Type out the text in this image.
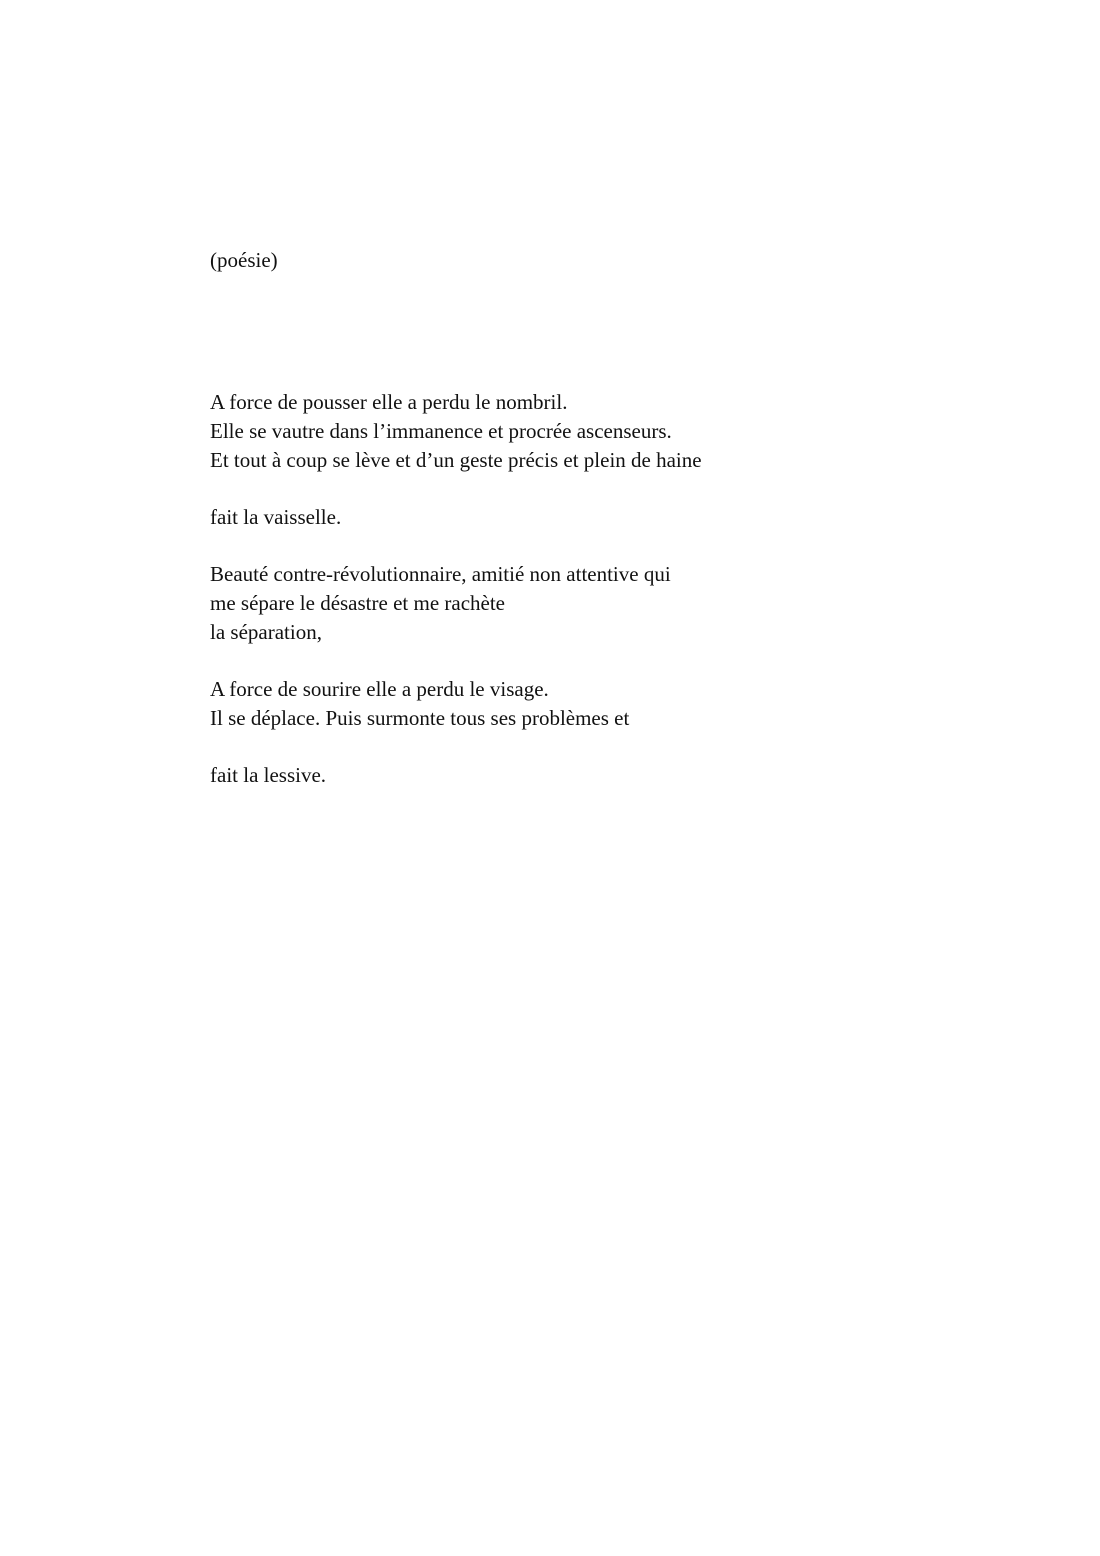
(poésie)
A force de pousser elle a perdu le nombril.
Elle se vautre dans l’immanence et procrée ascenseurs.
Et tout à coup se lève et d’un geste précis et plein de haine
fait la vaisselle.
Beauté contre-révolutionnaire, amitié non attentive qui
me sépare le désastre et me rachète
la séparation,
A force de sourire elle a perdu le visage.
Il se déplace. Puis surmonte tous ses problèmes et
fait la lessive.
